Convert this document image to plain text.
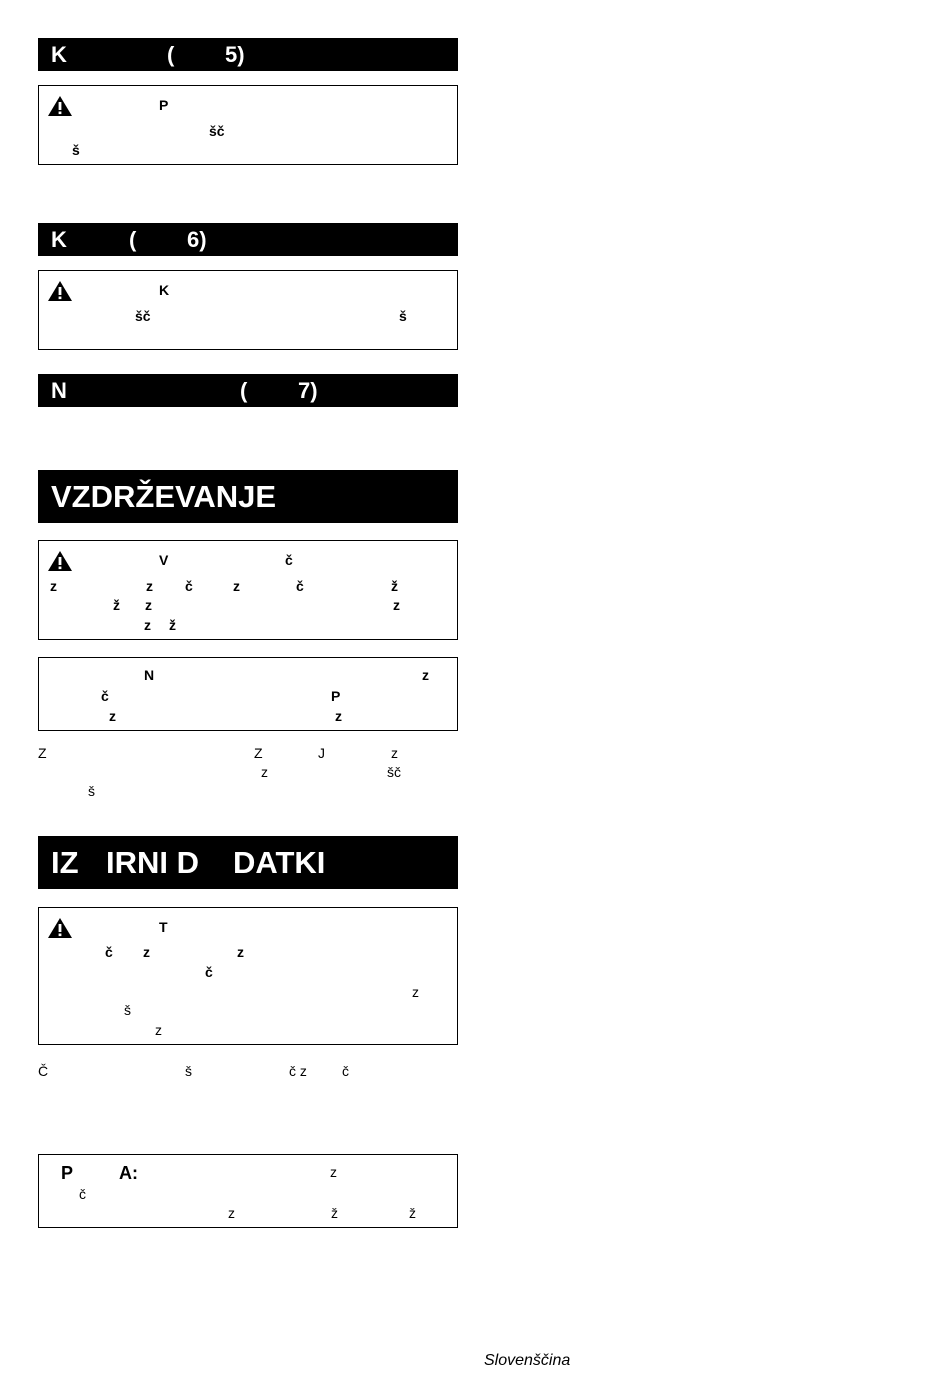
K	( 5)
P
šč
š
K	( 6)
K
šč	š
N	( 7)
VZDRŽEVANJE
V	č
z	z č	z	č	ž
ž z	z
z ž
N	z
č	P
z	z
Z	Z	J	z
z	šč
š
IZ IRNI D DATKI
T
č z	z
č
z
š
z
Č	š	č z	č
P	A:	z
č
z	ž	ž
Slovenščina
